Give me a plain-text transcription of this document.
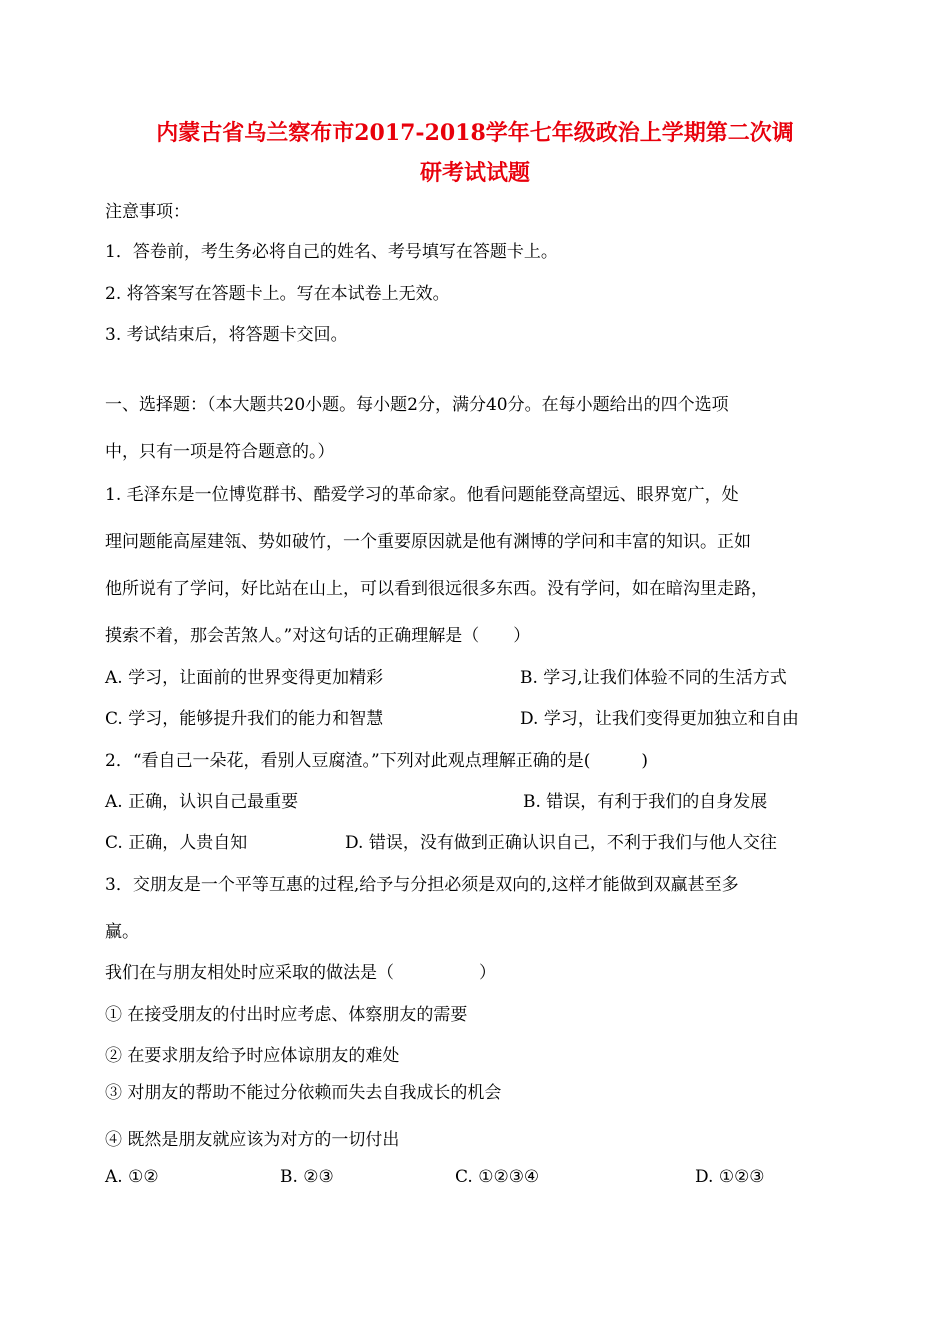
内蒙古省乌兰察布市2017-2018学年七年级政治上学期第二次调
研考试试题
注意事项：
1．答卷前，考生务必将自己的姓名、考号填写在答题卡上。
2. 将答案写在答题卡上。写在本试卷上无效。
3. 考试结束后，将答题卡交回。
一、选择题：（本大题共20小题。每小题2分，满分40分。在每小题给出的四个选项
中，只有一项是符合题意的。）
1. 毛泽东是一位博览群书、酷爱学习的革命家。他看问题能登高望远、眼界宽广，处
理问题能高屋建瓴、势如破竹，一个重要原因就是他有渊博的学问和丰富的知识。正如
他所说有了学问，好比站在山上，可以看到很远很多东西。没有学问，如在暗沟里走路，
摸索不着，那会苦煞人。”对这句话的正确理解是（　　）
A. 学习，让面前的世界变得更加精彩	B. 学习,让我们体验不同的生活方式
C. 学习，能够提升我们的能力和智慧	D. 学习，让我们变得更加独立和自由
2．“看自己一朵花，看别人豆腐渣。”下列对此观点理解正确的是(　　　)
A. 正确，认识自己最重要	B. 错误，有利于我们的自身发展
C. 正确，人贵自知	D. 错误，没有做到正确认识自己，不利于我们与他人交往
3．交朋友是一个平等互惠的过程,给予与分担必须是双向的,这样才能做到双赢甚至多
赢。
我们在与朋友相处时应采取的做法是（　　　　　）
① 在接受朋友的付出时应考虑、体察朋友的需要
② 在要求朋友给予时应体谅朋友的难处
③ 对朋友的帮助不能过分依赖而失去自我成长的机会
④ 既然是朋友就应该为对方的一切付出
A. ①②	B. ②③	C. ①②③④	D. ①②③
